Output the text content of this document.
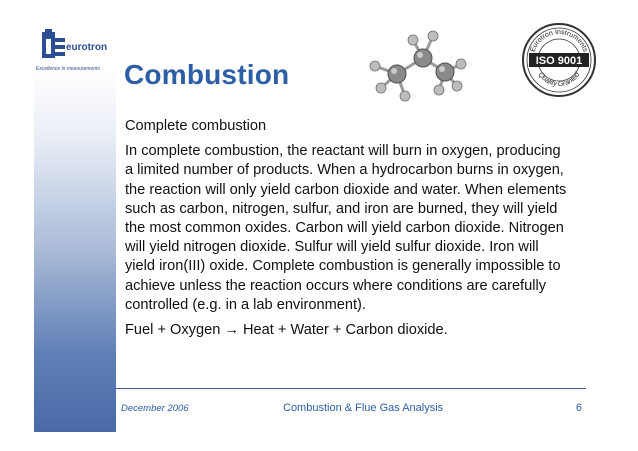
eurotron
Excellence in measurements Combustion
Eurotron Instruments
ISO 9001
Quality Granted

Complete combustion

In complete combustion, the reactant will burn in oxygen, producing a limited number of products. When a hydrocarbon burns in oxygen, the reaction will only yield carbon dioxide and water. When elements such as carbon, nitrogen, sulfur, and iron are burned, they will yield the most common oxides. Carbon will yield carbon dioxide. Nitrogen will yield nitrogen dioxide. Sulfur will yield sulfur dioxide. Iron will yield iron(III) oxide. Complete combustion is generally impossible to achieve unless the reaction occurs where conditions are carefully controlled (e.g. in a lab environment).

Fuel + Oxygen → Heat + Water + Carbon dioxide.

December 2006	Combustion & Flue Gas Analysis	6
